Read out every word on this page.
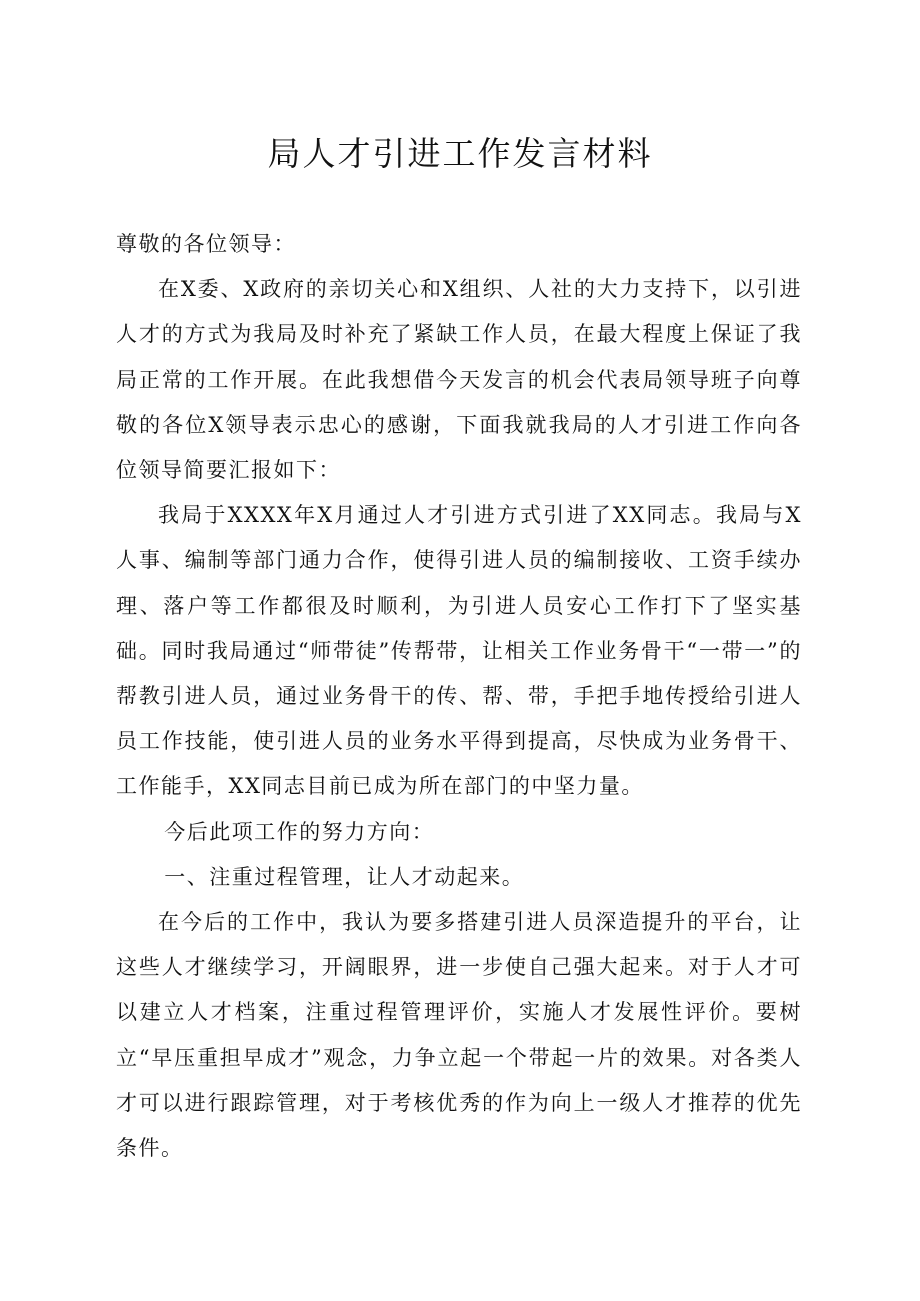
局人才引进工作发言材料

尊敬的各位领导：

在X委、X政府的亲切关心和X组织、人社的大力支持下，以引进人才的方式为我局及时补充了紧缺工作人员，在最大程度上保证了我局正常的工作开展。在此我想借今天发言的机会代表局领导班子向尊敬的各位X领导表示忠心的感谢，下面我就我局的人才引进工作向各位领导简要汇报如下：

我局于XXXX年X月通过人才引进方式引进了XX同志。我局与X人事、编制等部门通力合作，使得引进人员的编制接收、工资手续办理、落户等工作都很及时顺利，为引进人员安心工作打下了坚实基础。同时我局通过“师带徒”传帮带，让相关工作业务骨干“一带一”的帮教引进人员，通过业务骨干的传、帮、带，手把手地传授给引进人员工作技能，使引进人员的业务水平得到提高，尽快成为业务骨干、工作能手，XX同志目前已成为所在部门的中坚力量。

今后此项工作的努力方向：

一、注重过程管理，让人才动起来。

在今后的工作中，我认为要多搭建引进人员深造提升的平台，让这些人才继续学习，开阔眼界，进一步使自己强大起来。对于人才可以建立人才档案，注重过程管理评价，实施人才发展性评价。要树立“早压重担早成才”观念，力争立起一个带起一片的效果。对各类人才可以进行跟踪管理，对于考核优秀的作为向上一级人才推荐的优先条件。
